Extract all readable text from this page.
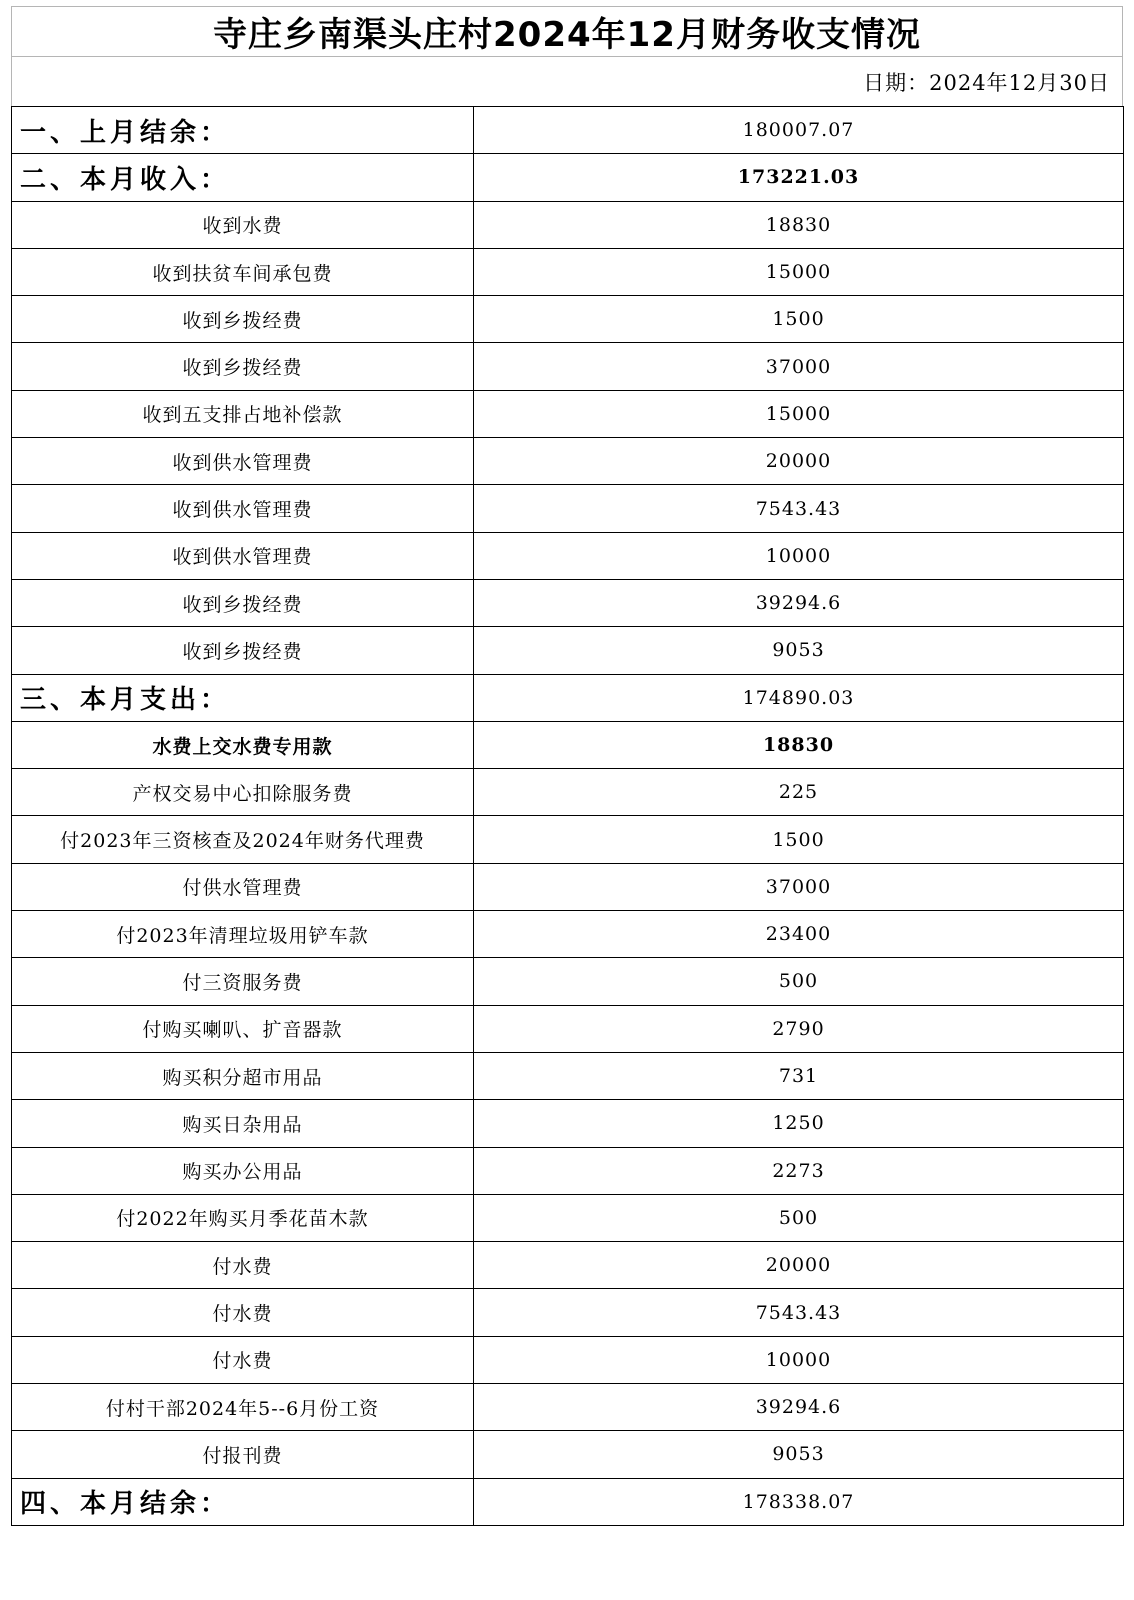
寺庄乡南渠头庄村2024年12月财务收支情况
日期：2024年12月30日
一、上月结余：	180007.07
二、本月收入：	173221.03
收到水费	18830
收到扶贫车间承包费	15000
收到乡拨经费	1500
收到乡拨经费	37000
收到五支排占地补偿款	15000
收到供水管理费	20000
收到供水管理费	7543.43
收到供水管理费	10000
收到乡拨经费	39294.6
收到乡拨经费	9053
三、本月支出：	174890.03
水费上交水费专用款	18830
产权交易中心扣除服务费	225
付2023年三资核查及2024年财务代理费	1500
付供水管理费	37000
付2023年清理垃圾用铲车款	23400
付三资服务费	500
付购买喇叭、扩音器款	2790
购买积分超市用品	731
购买日杂用品	1250
购买办公用品	2273
付2022年购买月季花苗木款	500
付水费	20000
付水费	7543.43
付水费	10000
付村干部2024年5--6月份工资	39294.6
付报刊费	9053
四、本月结余：	178338.07
